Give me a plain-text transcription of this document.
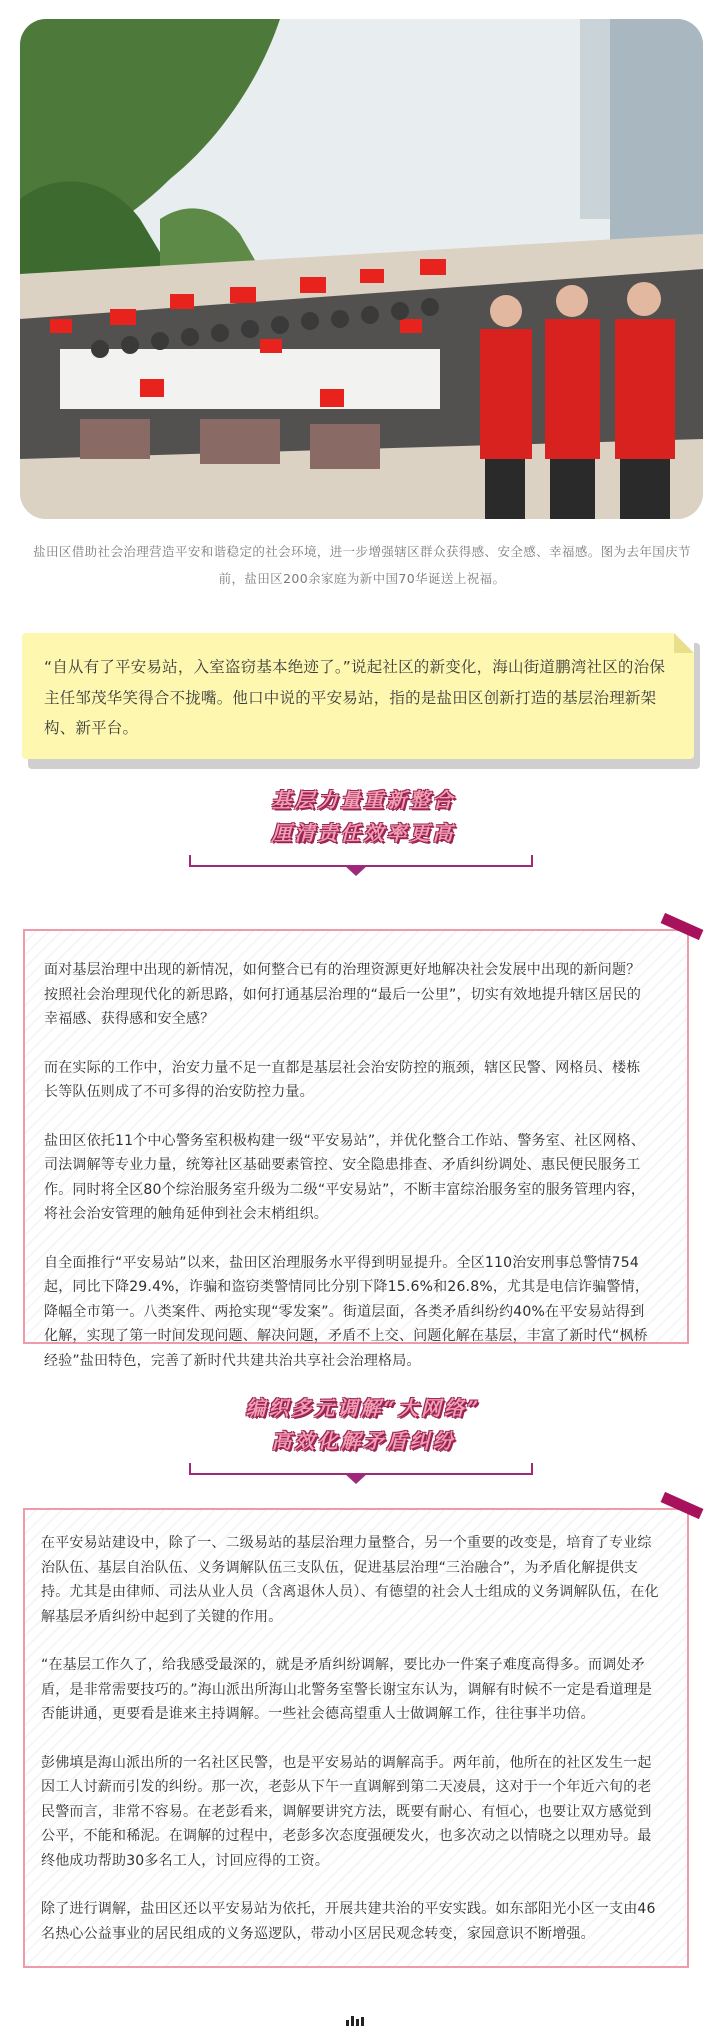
盐田区借助社会治理营造平安和谐稳定的社会环境，进一步增强辖区群众获得感、安全感、幸福感。图为去年国庆节前，盐田区200余家庭为新中国70华诞送上祝福。

“自从有了平安易站，入室盗窃基本绝迹了。”说起社区的新变化，海山街道鹏湾社区的治保主任邹茂华笑得合不拢嘴。他口中说的平安易站，指的是盐田区创新打造的基层治理新架构、新平台。

基层力量重新整合
厘清责任效率更高

面对基层治理中出现的新情况，如何整合已有的治理资源更好地解决社会发展中出现的新问题？按照社会治理现代化的新思路，如何打通基层治理的“最后一公里”，切实有效地提升辖区居民的幸福感、获得感和安全感？

而在实际的工作中，治安力量不足一直都是基层社会治安防控的瓶颈，辖区民警、网格员、楼栋长等队伍则成了不可多得的治安防控力量。

盐田区依托11个中心警务室积极构建一级“平安易站”，并优化整合工作站、警务室、社区网格、司法调解等专业力量，统筹社区基础要素管控、安全隐患排查、矛盾纠纷调处、惠民便民服务工作。同时将全区80个综治服务室升级为二级“平安易站”，不断丰富综治服务室的服务管理内容，将社会治安管理的触角延伸到社会末梢组织。

自全面推行“平安易站”以来，盐田区治理服务水平得到明显提升。全区110治安刑事总警情754起，同比下降29.4%，诈骗和盗窃类警情同比分别下降15.6%和26.8%，尤其是电信诈骗警情，降幅全市第一。八类案件、两抢实现“零发案”。街道层面，各类矛盾纠纷约40%在平安易站得到化解，实现了第一时间发现问题、解决问题，矛盾不上交、问题化解在基层，丰富了新时代“枫桥经验”盐田特色，完善了新时代共建共治共享社会治理格局。

编织多元调解“大网络”
高效化解矛盾纠纷

在平安易站建设中，除了一、二级易站的基层治理力量整合，另一个重要的改变是，培育了专业综治队伍、基层自治队伍、义务调解队伍三支队伍，促进基层治理“三治融合”，为矛盾化解提供支持。尤其是由律师、司法从业人员（含离退休人员）、有德望的社会人士组成的义务调解队伍，在化解基层矛盾纠纷中起到了关键的作用。

“在基层工作久了，给我感受最深的，就是矛盾纠纷调解，要比办一件案子难度高得多。而调处矛盾，是非常需要技巧的。”海山派出所海山北警务室警长谢宝东认为，调解有时候不一定是看道理是否能讲通，更要看是谁来主持调解。一些社会德高望重人士做调解工作，往往事半功倍。

彭佛填是海山派出所的一名社区民警，也是平安易站的调解高手。两年前，他所在的社区发生一起因工人讨薪而引发的纠纷。那一次，老彭从下午一直调解到第二天凌晨，这对于一个年近六旬的老民警而言，非常不容易。在老彭看来，调解要讲究方法，既要有耐心、有恒心，也要让双方感觉到公平，不能和稀泥。在调解的过程中，老彭多次态度强硬发火，也多次动之以情晓之以理劝导。最终他成功帮助30多名工人，讨回应得的工资。

除了进行调解，盐田区还以平安易站为依托，开展共建共治的平安实践。如东部阳光小区一支由46名热心公益事业的居民组成的义务巡逻队，带动小区居民观念转变，家园意识不断增强。
